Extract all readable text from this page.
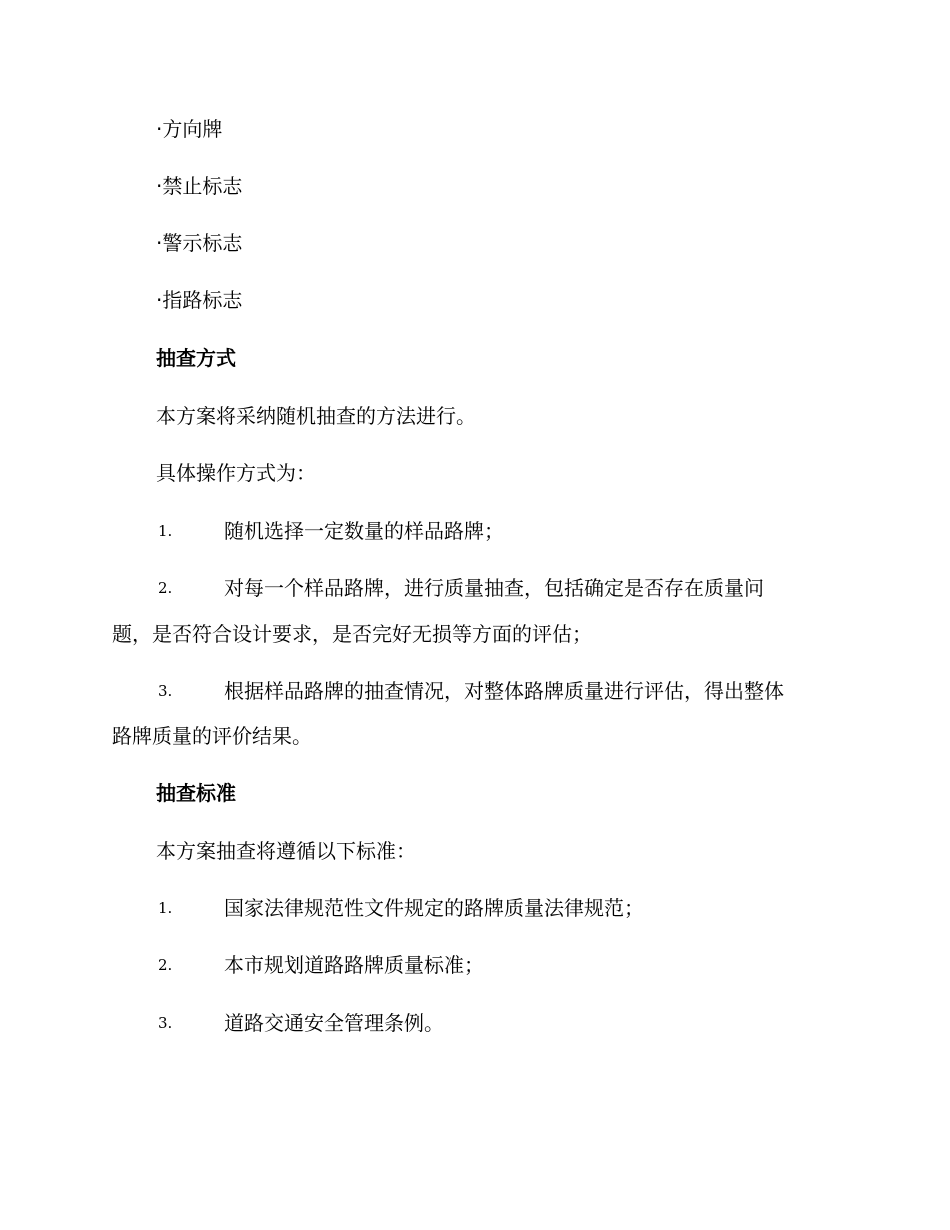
·方向牌
·禁止标志
·警示标志
·指路标志
抽查方式
本方案将采纳随机抽查的方法进行。
具体操作方式为：
1.	随机选择一定数量的样品路牌；
2.	对每一个样品路牌，进行质量抽查，包括确定是否存在质量问
题，是否符合设计要求，是否完好无损等方面的评估；
3.	根据样品路牌的抽查情况，对整体路牌质量进行评估，得出整体
路牌质量的评价结果。
抽查标准
本方案抽查将遵循以下标准：
1.	国家法律规范性文件规定的路牌质量法律规范；
2.	本市规划道路路牌质量标准；
3.	道路交通安全管理条例。
